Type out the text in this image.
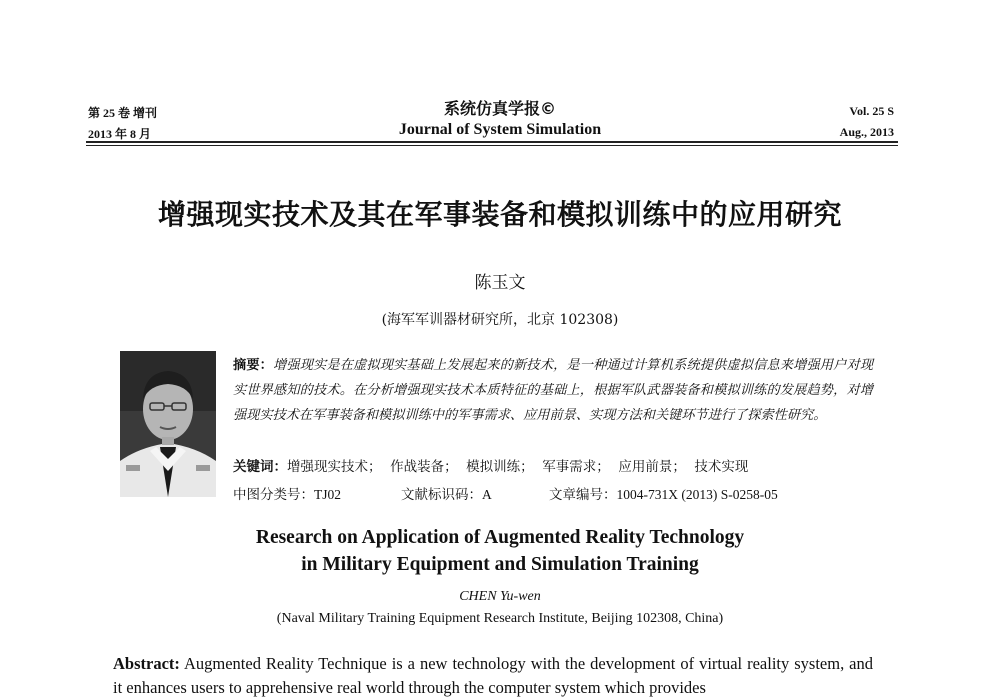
第 25 卷 增刊
2013 年 8 月
系统仿真学报©
Journal of System Simulation
Vol. 25 S
Aug., 2013
增强现实技术及其在军事装备和模拟训练中的应用研究
陈玉文
(海军军训器材研究所，北京 102308)
摘要：增强现实是在虚拟现实基础上发展起来的新技术，是一种通过计算机系统提供虚拟信息来增强用户对现实世界感知的技术。在分析增强现实技术本质特征的基础上，根据军队武器装备和模拟训练的发展趋势，对增强现实技术在军事装备和模拟训练中的军事需求、应用前景、实现方法和关键环节进行了探索性研究。
关键词：增强现实技术；  作战装备；  模拟训练；  军事需求；  应用前景；  技术实现
中图分类号：TJ02	文献标识码：A	文章编号：1004-731X (2013) S-0258-05
Research on Application of Augmented Reality Technology
in Military Equipment and Simulation Training
CHEN Yu-wen
(Naval Military Training Equipment Research Institute, Beijing 102308, China)
Abstract: Augmented Reality Technique is a new technology with the development of virtual reality system, and it enhances users to apprehensive real world through the computer system which provides
